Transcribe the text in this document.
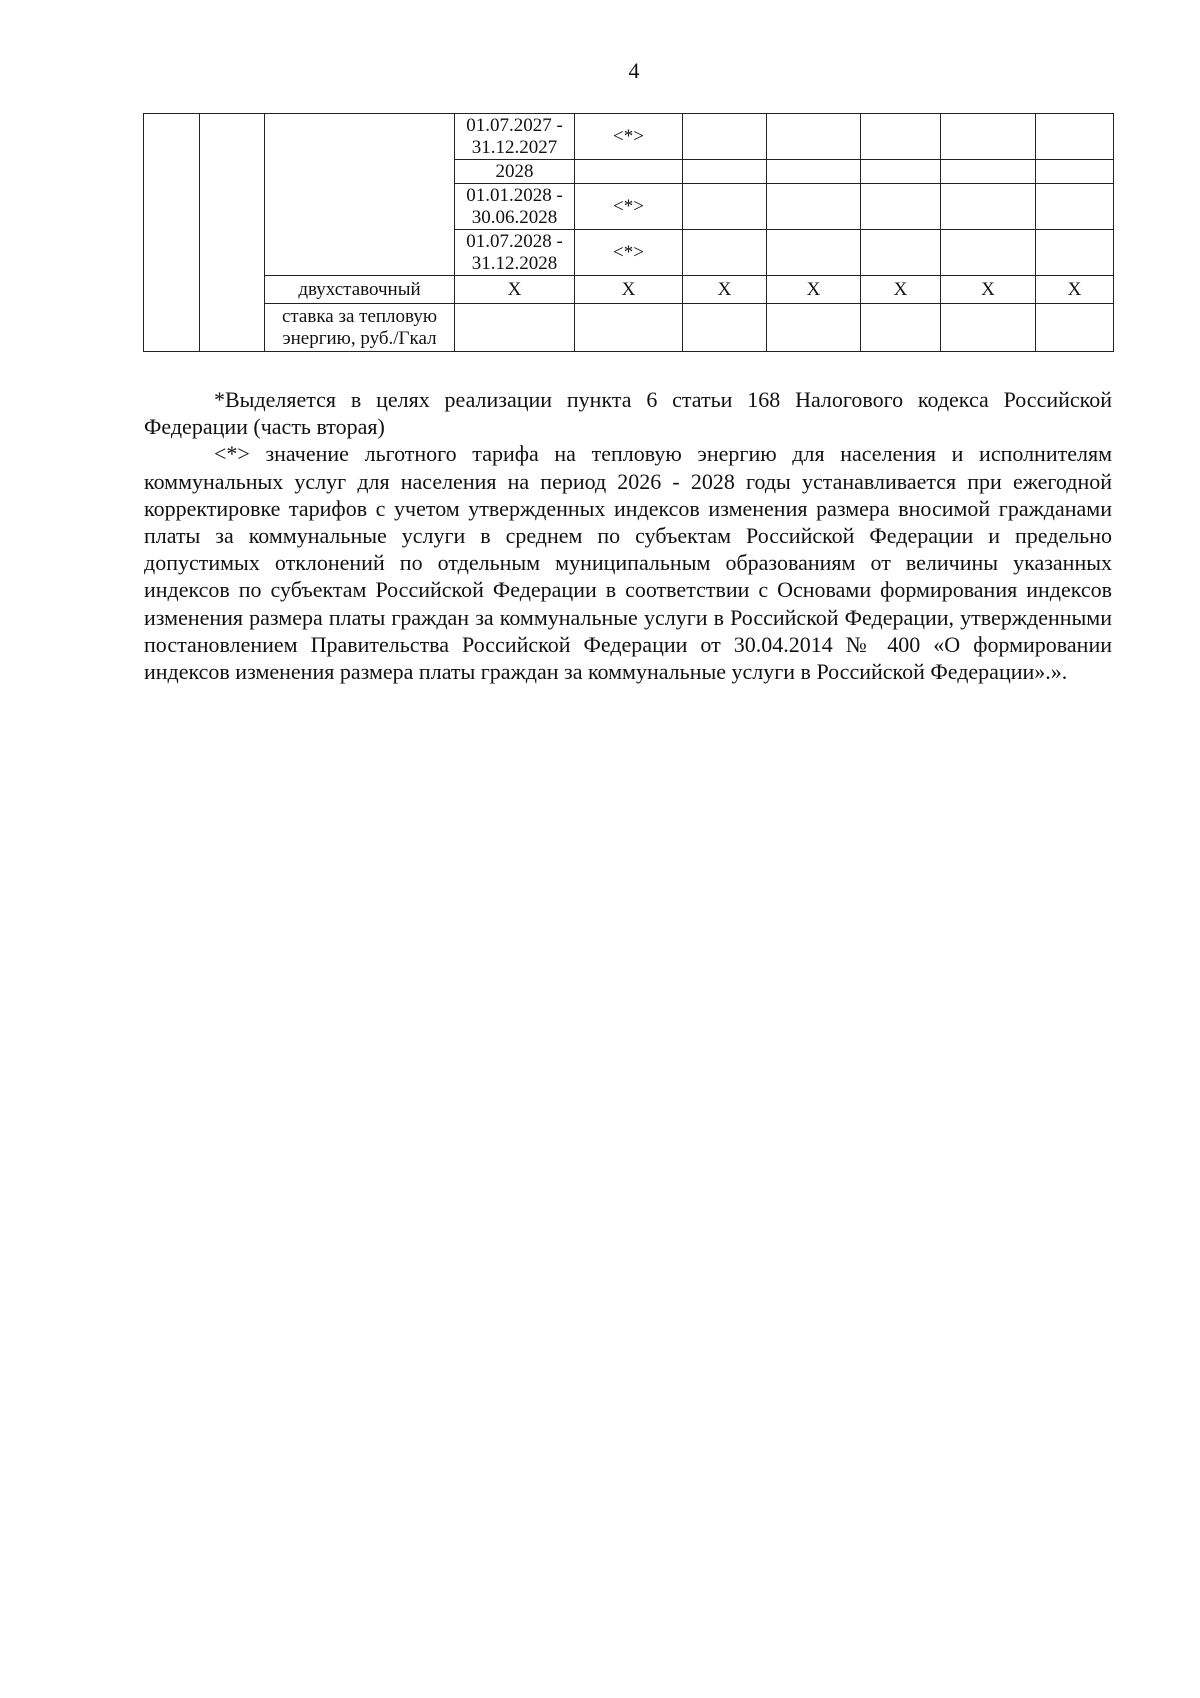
4
			01.07.2027 - 31.12.2027	<*>					
			2028						
			01.01.2028 - 30.06.2028	<*>					
			01.07.2028 - 31.12.2028	<*>					
		двухставочный	X	X	X	X	X	X	X
		ставка за тепловую энергию, руб./Гкал							

*Выделяется в целях реализации пункта 6 статьи 168 Налогового кодекса Российской Федерации (часть вторая)

<*> значение льготного тарифа на тепловую энергию для населения и исполнителям коммунальных услуг для населения на период 2026 - 2028 годы устанавливается при ежегодной корректировке тарифов с учетом утвержденных индексов изменения размера вносимой гражданами платы за коммунальные услуги в среднем по субъектам Российской Федерации и предельно допустимых отклонений по отдельным муниципальным образованиям от величины указанных индексов по субъектам Российской Федерации в соответствии с Основами формирования индексов изменения размера платы граждан за коммунальные услуги в Российской Федерации, утвержденными постановлением Правительства Российской Федерации от 30.04.2014 № 400 «О формировании индексов изменения размера платы граждан за коммунальные услуги в Российской Федерации».».
